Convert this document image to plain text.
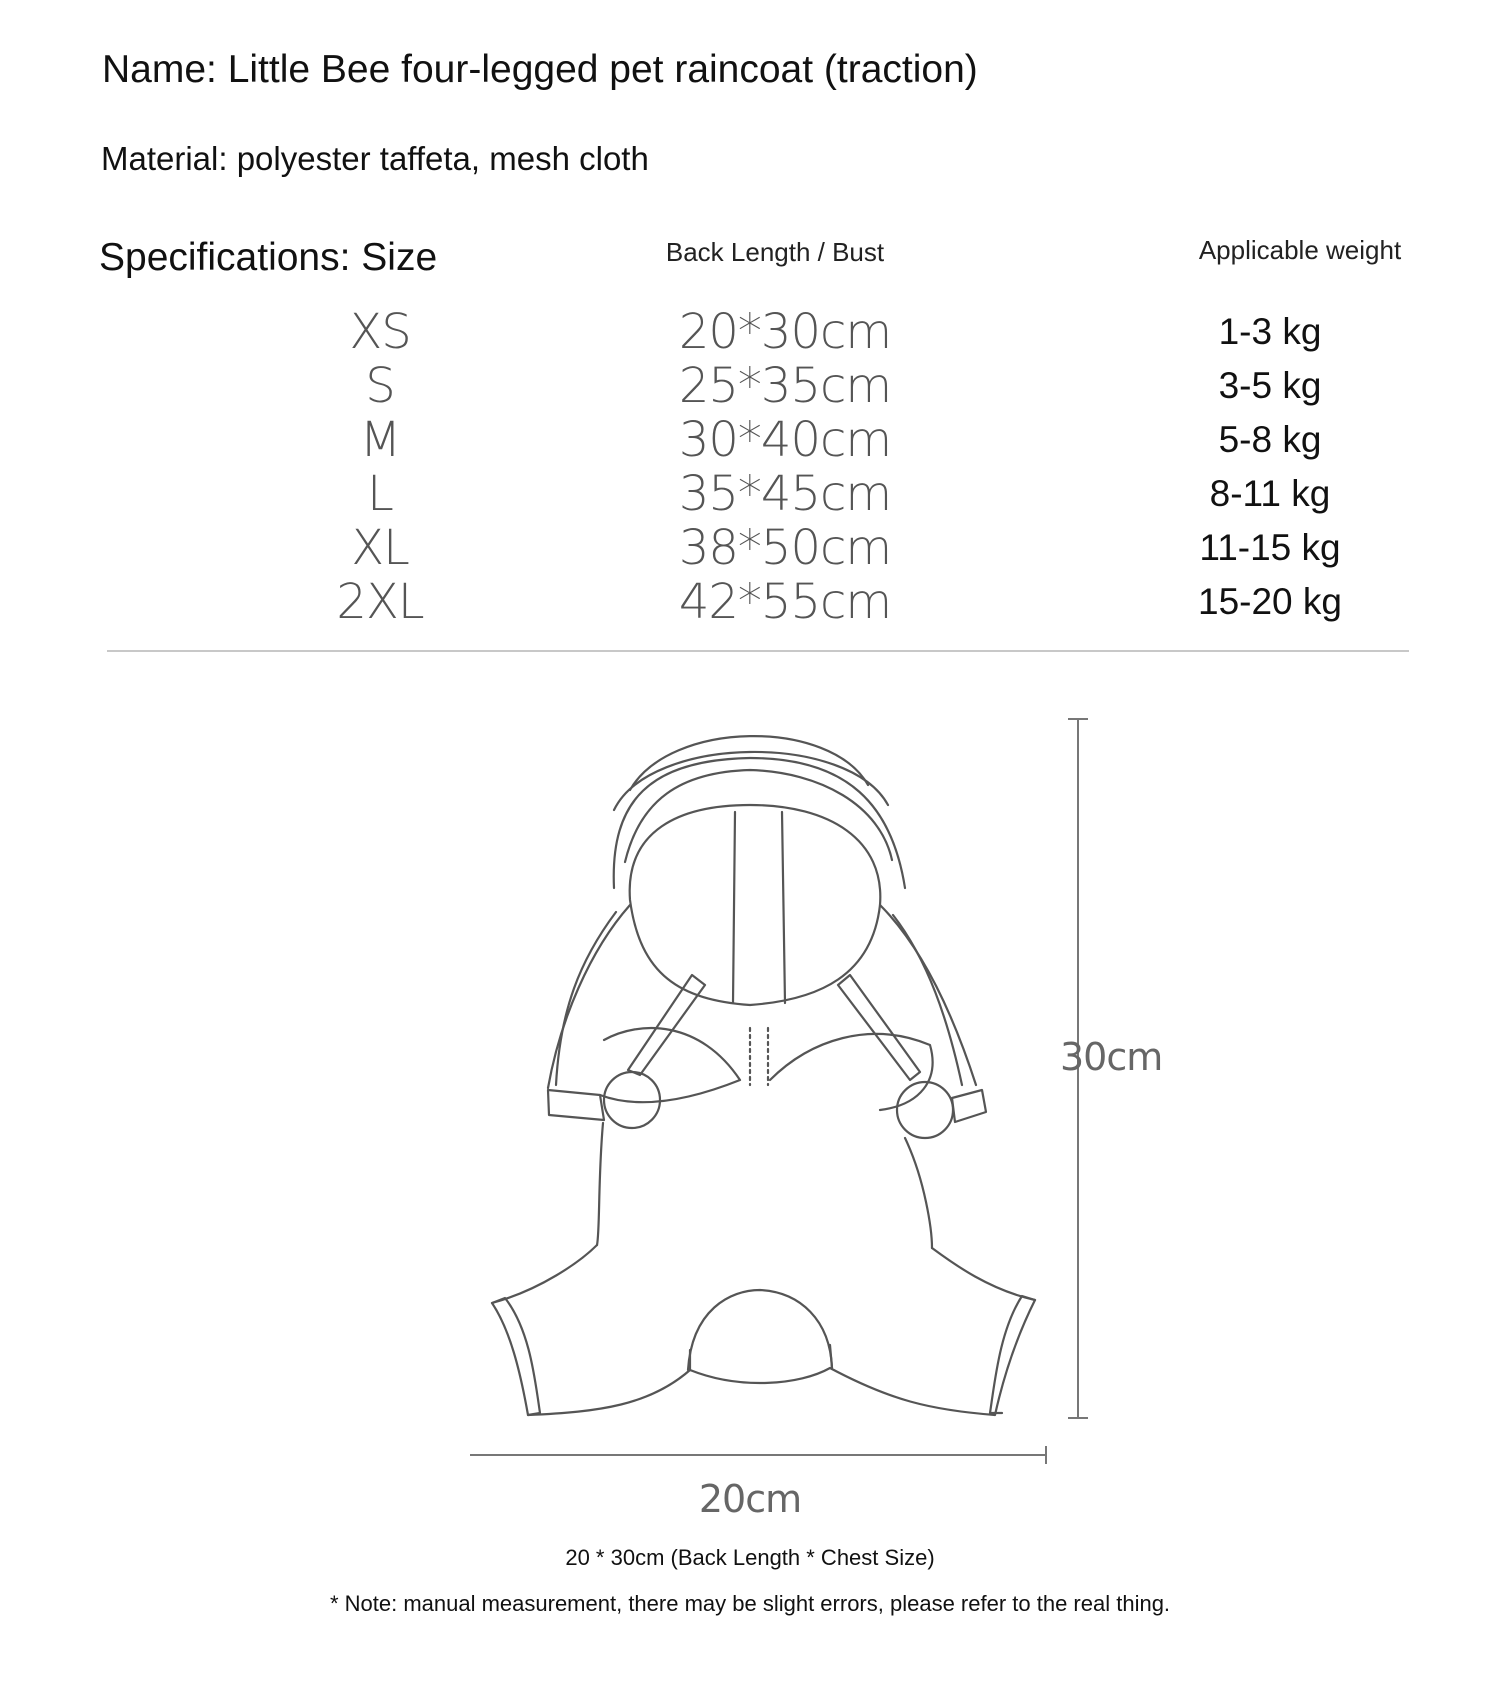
Name: Little Bee four-legged pet raincoat (traction)
Material: polyester taffeta, mesh cloth
Specifications: Size	Back Length / Bust	Applicable weight
XS
S
M
L
XL
2XL
20*30cm
25*35cm
30*40cm
35*45cm
38*50cm
42*55cm
1-3 kg
3-5 kg
5-8 kg
8-11 kg
11-15 kg
15-20 kg
30cm
20cm
20 * 30cm (Back Length * Chest Size)
* Note: manual measurement, there may be slight errors, please refer to the real thing.
